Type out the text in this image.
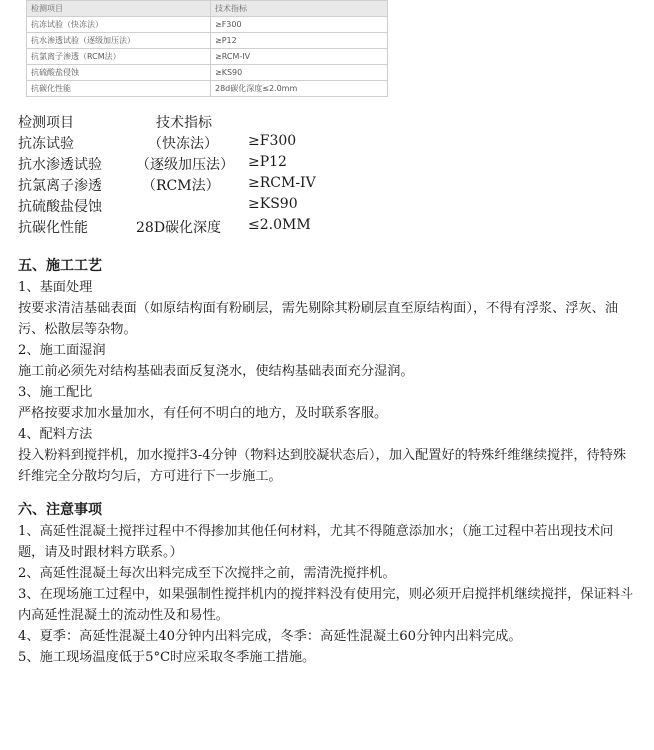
检测项目	技术指标
抗冻试验（快冻法）	≥F300
抗水渗透试验（逐级加压法）	≥P12
抗氯离子渗透（RCM法）	≥RCM-IV
抗硫酸盐侵蚀	≥KS90
抗碳化性能	28d碳化深度≤2.0mm
检测项目	技术指标
抗冻试验	（快冻法） ≥F300
抗水渗透试验 （逐级加压法） ≥P12
抗氯离子渗透	（RCM法） ≥RCM-IV
抗硫酸盐侵蚀	≥KS90
抗碳化性能	28D碳化深度 ≤2.0MM

五、施工工艺

1、基面处理

按要求清洁基础表面（如原结构面有粉刷层，需先剔除其粉刷层直至原结构面），不得有浮浆、浮灰、油污、松散层等杂物。

2、施工面湿润

施工前必须先对结构基础表面反复浇水，使结构基础表面充分湿润。

3、施工配比

严格按要求加水量加水，有任何不明白的地方，及时联系客服。

4、配料方法

投入粉料到搅拌机，加水搅拌3-4分钟（物料达到胶凝状态后），加入配置好的特殊纤维继续搅拌，待特殊纤维完全分散均匀后，方可进行下一步施工。

六、注意事项

1、高延性混凝土搅拌过程中不得掺加其他任何材料，尤其不得随意添加水；（施工过程中若出现技术问题，请及时跟材料方联系。）

2、高延性混凝土每次出料完成至下次搅拌之前，需清洗搅拌机。

3、在现场施工过程中，如果强制性搅拌机内的搅拌料没有使用完，则必须开启搅拌机继续搅拌，保证料斗内高延性混凝土的流动性及和易性。

4、夏季：高延性混凝土40分钟内出料完成，冬季：高延性混凝土60分钟内出料完成。

5、施工现场温度低于5°C时应采取冬季施工措施。
